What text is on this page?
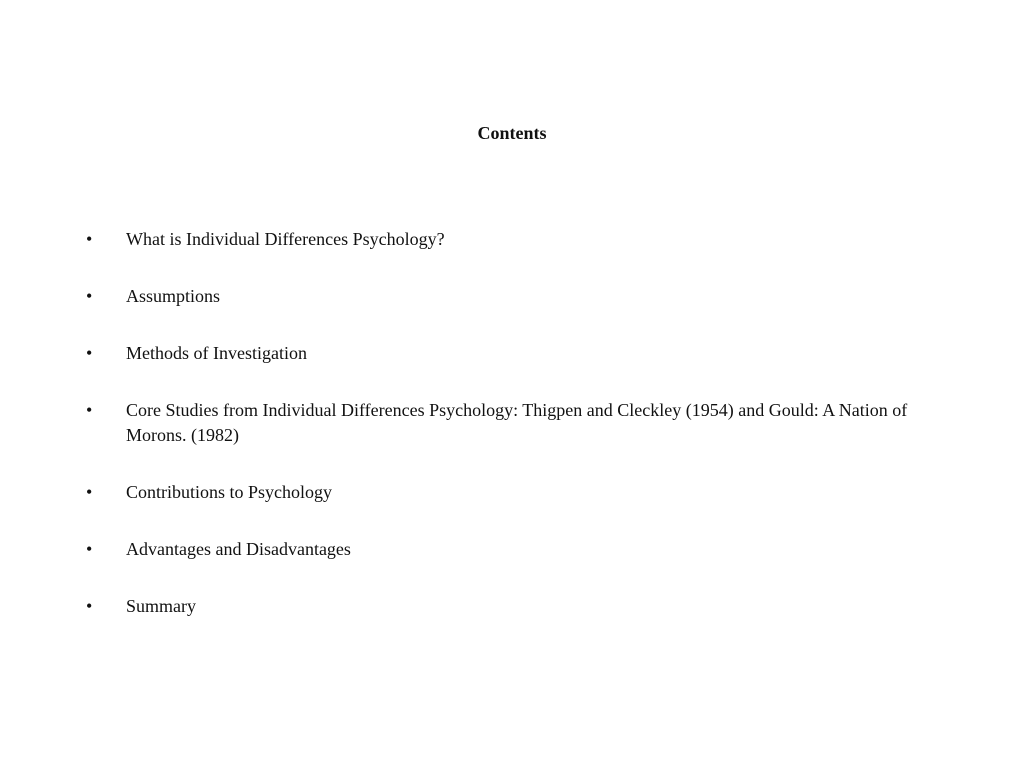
Contents
•	What is Individual Differences Psychology?
•	Assumptions
•	Methods of Investigation
•	Core Studies from Individual Differences Psychology: Thigpen and Cleckley (1954) and Gould: A Nation of Morons. (1982)
•	Contributions to Psychology
•	Advantages and Disadvantages
•	Summary
